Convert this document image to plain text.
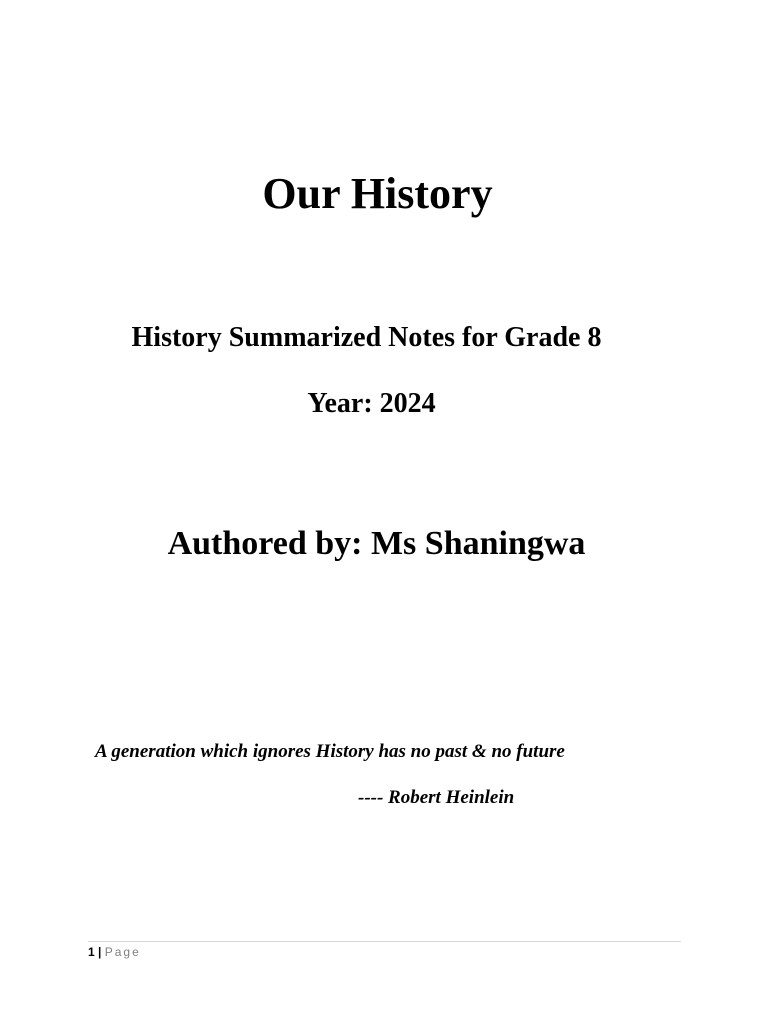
Our History
History Summarized Notes for Grade 8
Year: 2024
Authored by: Ms Shaningwa

A generation which ignores History has no past & no future

---- Robert Heinlein

1 | Page
